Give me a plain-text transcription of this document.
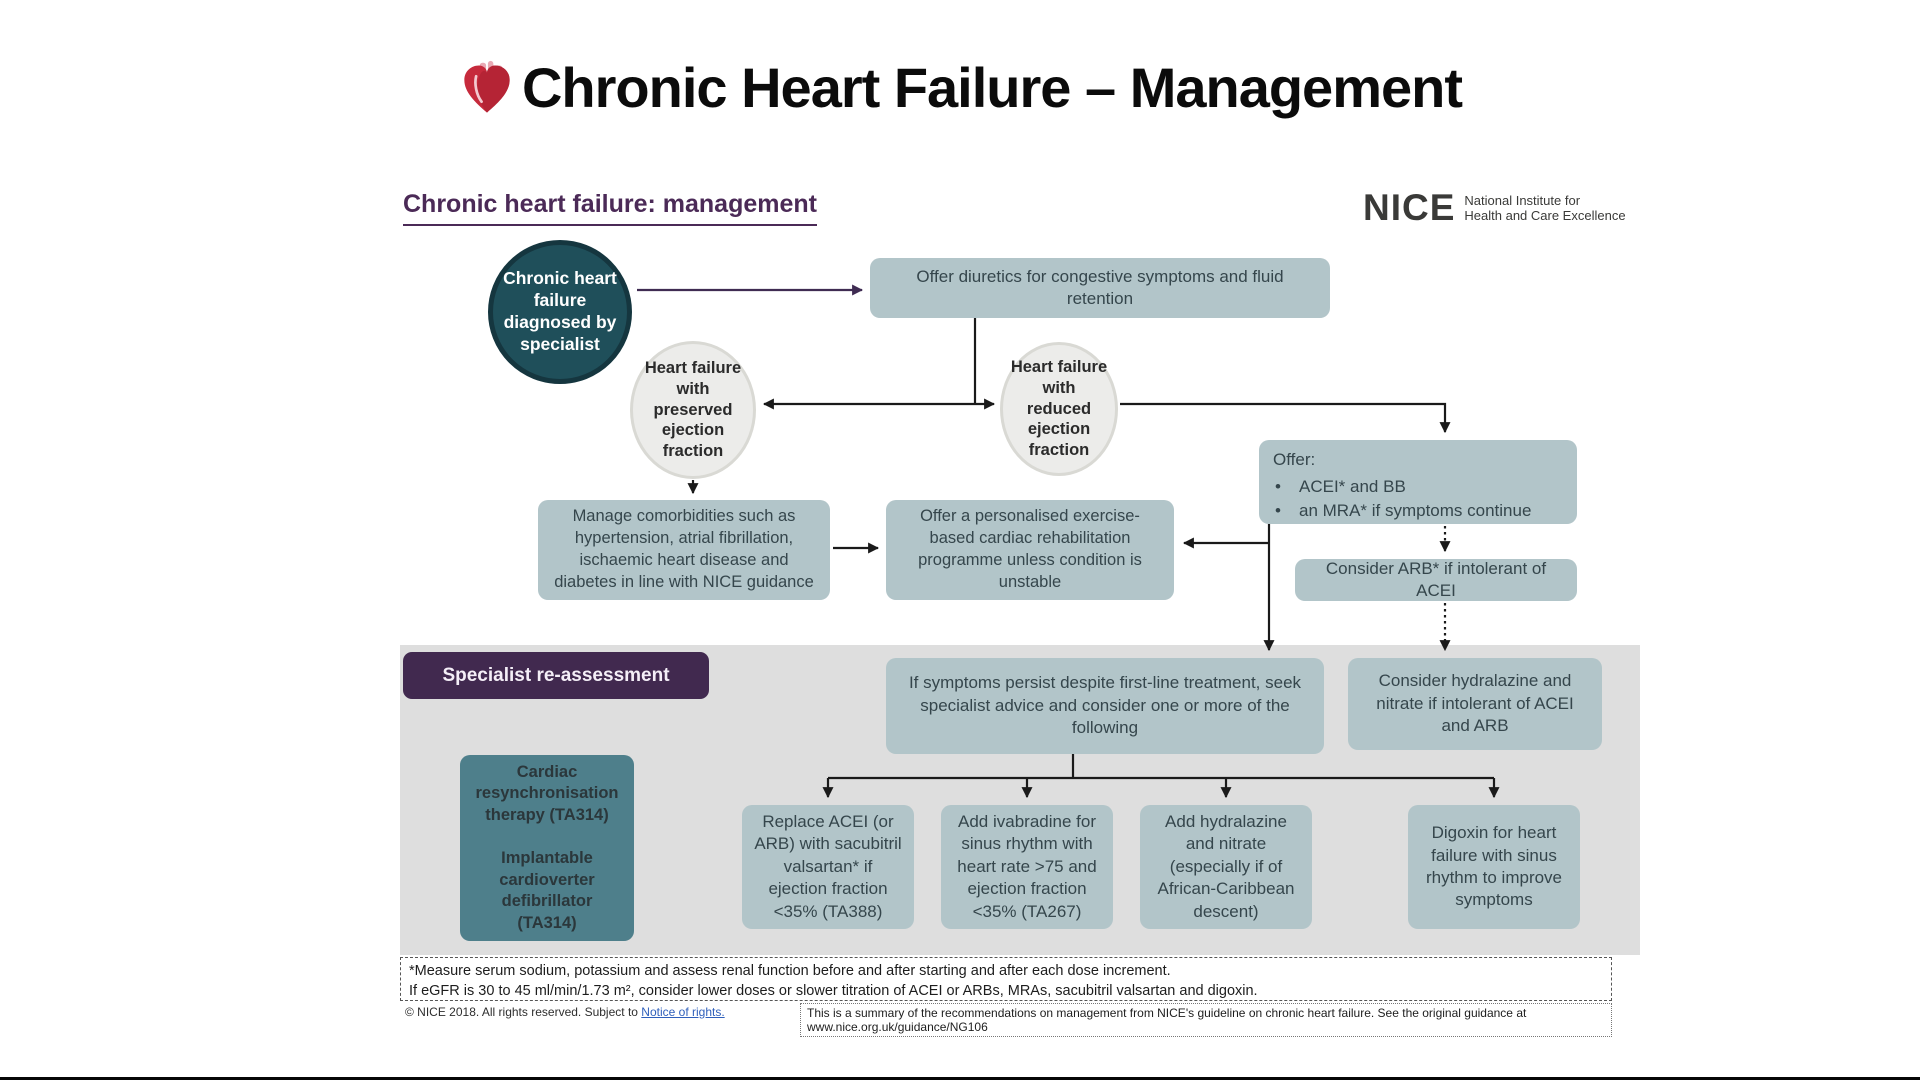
Chronic Heart Failure – Management
Chronic heart failure: management	NICE National Institute for
Health and Care Excellence
Chronic heart failure diagnosed by specialist
Offer diuretics for congestive symptoms and fluid retention
Heart failure with preserved ejection fraction
Heart failure with reduced ejection fraction
Offer:
• ACEI* and BB
• an MRA* if symptoms continue
Manage comorbidities such as hypertension, atrial fibrillation, ischaemic heart disease and diabetes in line with NICE guidance
Offer a personalised exercise-based cardiac rehabilitation programme unless condition is unstable
Consider ARB* if intolerant of ACEI
Specialist re-assessment	If symptoms persist despite first-line treatment, seek specialist advice and consider one or more of the following
Consider hydralazine and nitrate if intolerant of ACEI and ARB
Cardiac resynchronisation therapy (TA314)
Implantable cardioverter defibrillator (TA314)
Replace ACEI (or ARB) with sacubitril valsartan* if ejection fraction <35% (TA388)
Add ivabradine for sinus rhythm with heart rate >75 and ejection fraction <35% (TA267)
Add hydralazine and nitrate (especially if of African-Caribbean descent)
Digoxin for heart failure with sinus rhythm to improve symptoms
*Measure serum sodium, potassium and assess renal function before and after starting and after each dose increment.
If eGFR is 30 to 45 ml/min/1.73 m², consider lower doses or slower titration of ACEI or ARBs, MRAs, sacubitril valsartan and digoxin.
© NICE 2018. All rights reserved. Subject to Notice of rights.	This is a summary of the recommendations on management from NICE's guideline on chronic heart failure. See the original guidance at www.nice.org.uk/guidance/NG106
